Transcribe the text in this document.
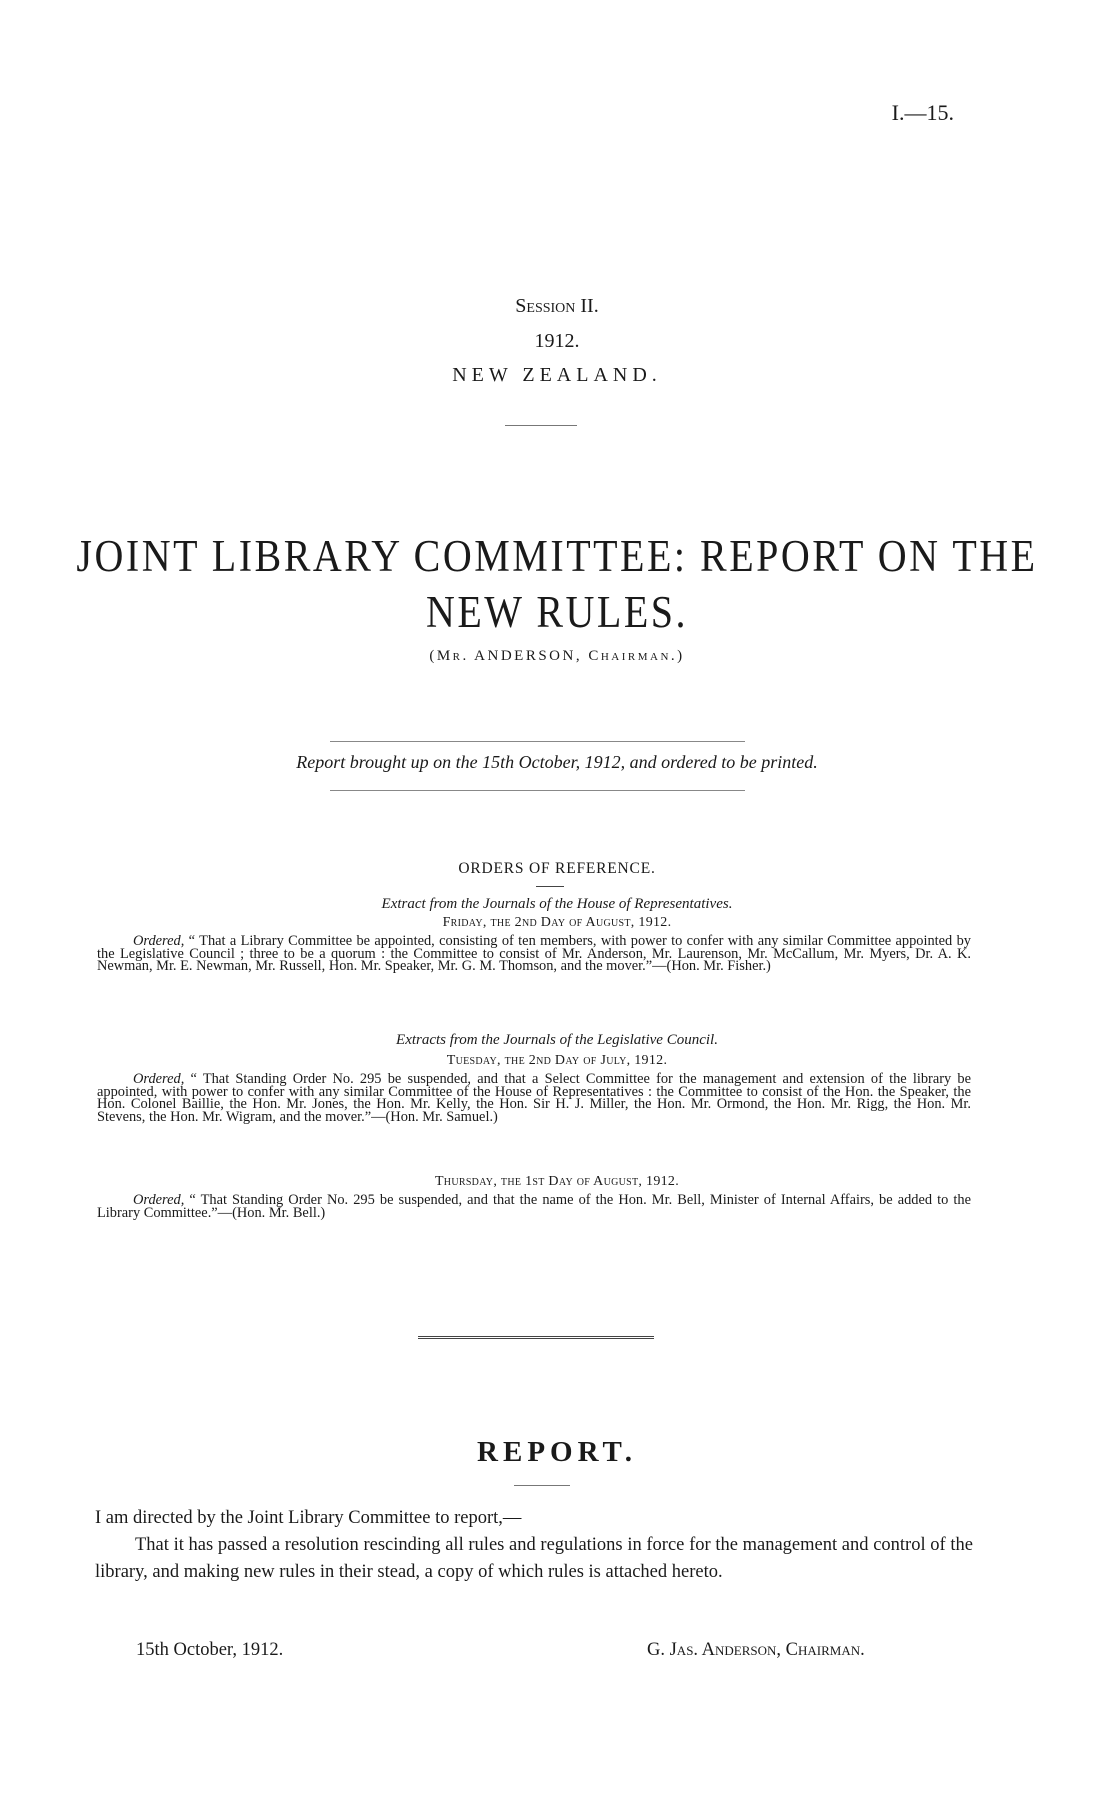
I.—15.
Session II.
1912.
NEW ZEALAND.
JOINT LIBRARY COMMITTEE: REPORT ON THE
NEW RULES.
(Mr. ANDERSON, Chairman.)
Report brought up on the 15th October, 1912, and ordered to be printed.
ORDERS OF REFERENCE.
Extract from the Journals of the House of Representatives.
Friday, the 2nd Day of August, 1912.
Ordered, “ That a Library Committee be appointed, consisting of ten members, with power to confer with any similar Committee appointed by the Legislative Council ; three to be a quorum : the Committee to consist of Mr. Anderson, Mr. Laurenson, Mr. McCallum, Mr. Myers, Dr. A. K. Newman, Mr. E. Newman, Mr. Russell, Hon. Mr. Speaker, Mr. G. M. Thomson, and the mover.”—(Hon. Mr. Fisher.)
Extracts from the Journals of the Legislative Council.
Tuesday, the 2nd Day of July, 1912.
Ordered, “ That Standing Order No. 295 be suspended, and that a Select Committee for the management and extension of the library be appointed, with power to confer with any similar Committee of the House of Representatives : the Committee to consist of the Hon. the Speaker, the Hon. Colonel Baillie, the Hon. Mr. Jones, the Hon. Mr. Kelly, the Hon. Sir H. J. Miller, the Hon. Mr. Ormond, the Hon. Mr. Rigg, the Hon. Mr. Stevens, the Hon. Mr. Wigram, and the mover.”—(Hon. Mr. Samuel.)
Thursday, the 1st Day of August, 1912.
Ordered, “ That Standing Order No. 295 be suspended, and that the name of the Hon. Mr. Bell, Minister of Internal Affairs, be added to the Library Committee.”—(Hon. Mr. Bell.)
REPORT.
I am directed by the Joint Library Committee to report,—
That it has passed a resolution rescinding all rules and regulations in force for the management and control of the library, and making new rules in their stead, a copy of which rules is attached hereto.
15th October, 1912.	G. Jas. Anderson, Chairman.
